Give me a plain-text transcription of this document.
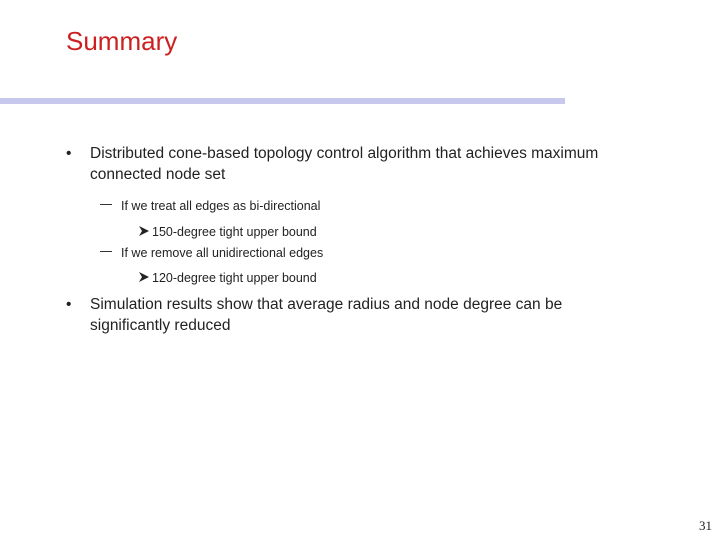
Summary
•	Distributed cone-based topology control algorithm that achieves maximum
connected node set
If we treat all edges as bi-directional
150-degree tight upper bound
If we remove all unidirectional edges
120-degree tight upper bound
•	Simulation results show that average radius and node degree can be
significantly reduced
31
